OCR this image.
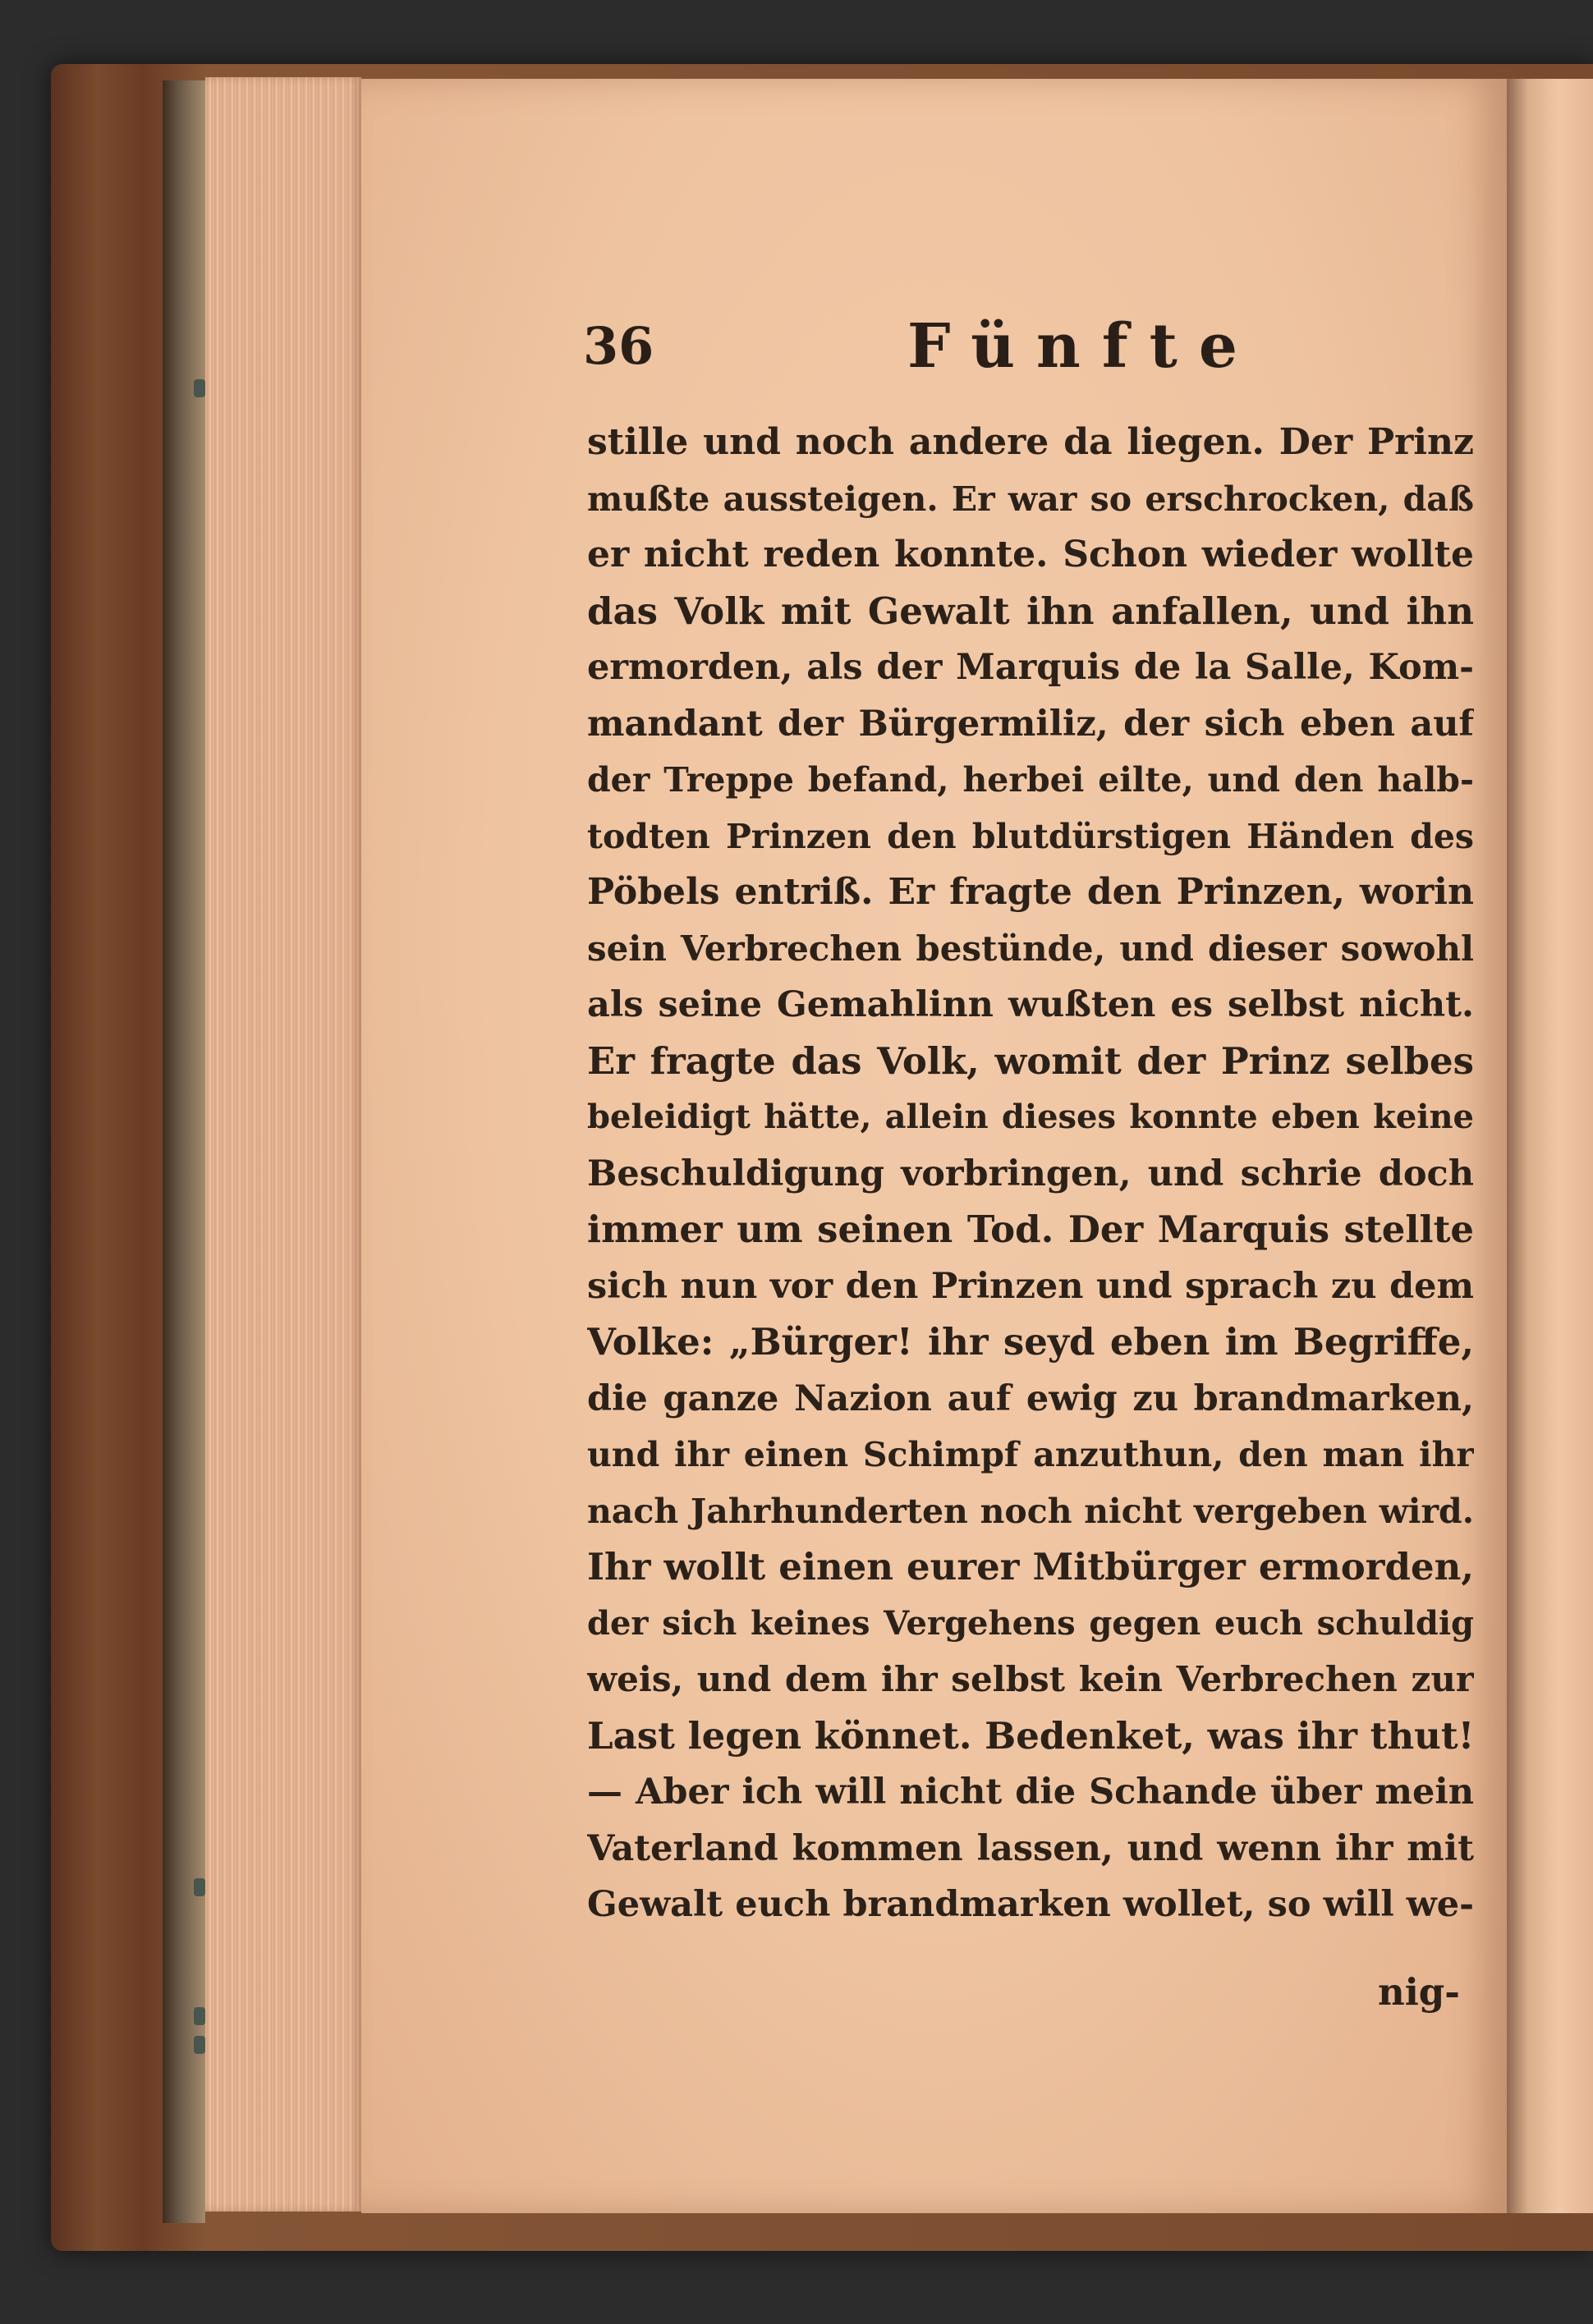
36	Fünfte
stille und noch andere da liegen. Der Prinz
mußte aussteigen. Er war so erschrocken, daß
er nicht reden konnte. Schon wieder wollte
das Volk mit Gewalt ihn anfallen, und ihn
ermorden, als der Marquis de la Salle, Kom-
mandant der Bürgermiliz, der sich eben auf
der Treppe befand, herbei eilte, und den halb-
todten Prinzen den blutdürstigen Händen des
Pöbels entriß. Er fragte den Prinzen, worin
sein Verbrechen bestünde, und dieser sowohl
als seine Gemahlinn wußten es selbst nicht.
Er fragte das Volk, womit der Prinz selbes
beleidigt hätte, allein dieses konnte eben keine
Beschuldigung vorbringen, und schrie doch
immer um seinen Tod. Der Marquis stellte
sich nun vor den Prinzen und sprach zu dem
Volke: „Bürger! ihr seyd eben im Begriffe,
die ganze Nazion auf ewig zu brandmarken,
und ihr einen Schimpf anzuthun, den man ihr
nach Jahrhunderten noch nicht vergeben wird.
Ihr wollt einen eurer Mitbürger ermorden,
der sich keines Vergehens gegen euch schuldig
weis, und dem ihr selbst kein Verbrechen zur
Last legen könnet. Bedenket, was ihr thut!
— Aber ich will nicht die Schande über mein
Vaterland kommen lassen, und wenn ihr mit
Gewalt euch brandmarken wollet, so will we-
nig-
